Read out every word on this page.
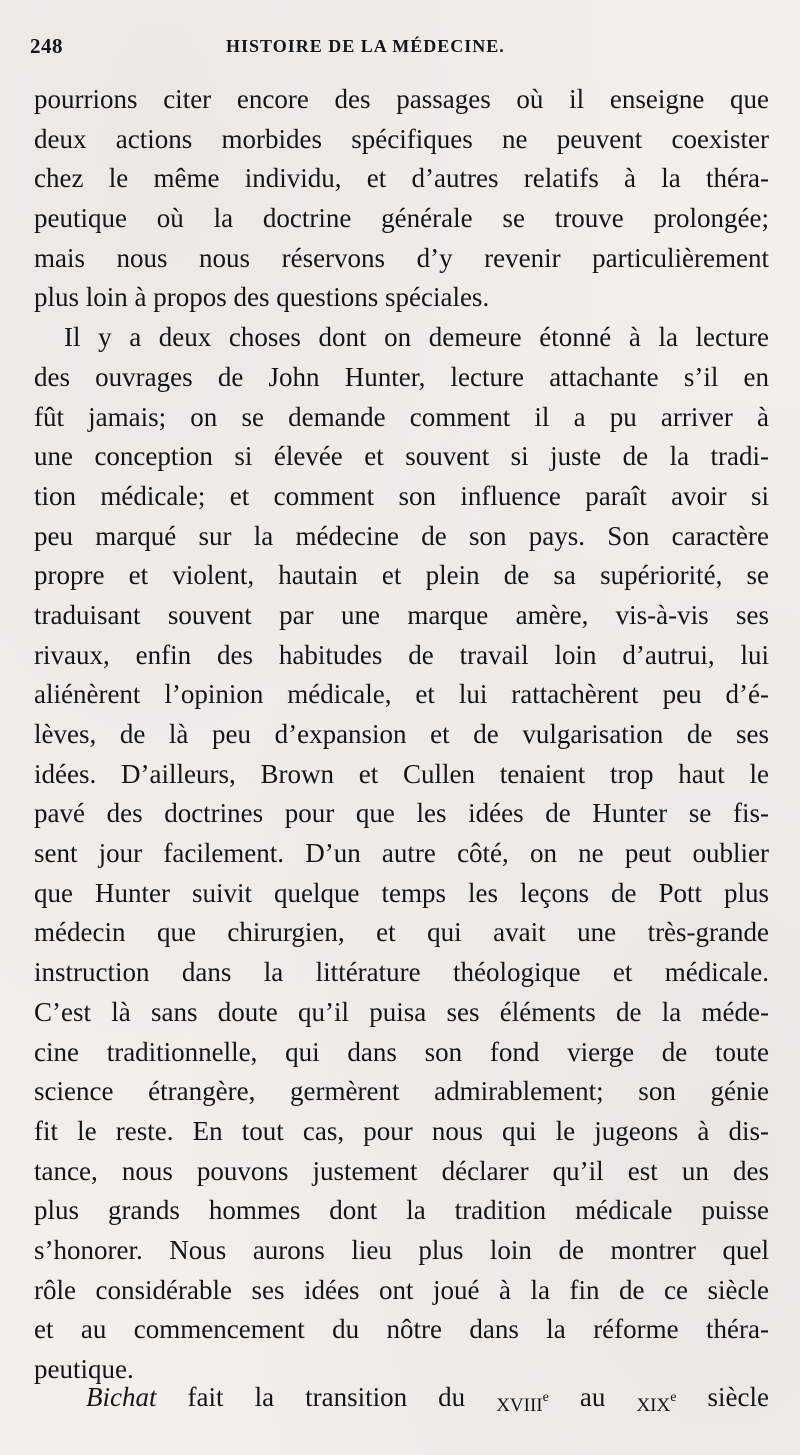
248	HISTOIRE DE LA MÉDECINE.
pourrions citer encore des passages où il enseigne que
deux actions morbides spécifiques ne peuvent coexister
chez le même individu, et d’autres relatifs à la théra-
peutique où la doctrine générale se trouve prolongée;
mais nous nous réservons d’y revenir particulièrement
plus loin à propos des questions spéciales.
Il y a deux choses dont on demeure étonné à la lecture
des ouvrages de John Hunter, lecture attachante s’il en
fût jamais; on se demande comment il a pu arriver à
une conception si élevée et souvent si juste de la tradi-
tion médicale; et comment son influence paraît avoir si
peu marqué sur la médecine de son pays. Son caractère
propre et violent, hautain et plein de sa supériorité, se
traduisant souvent par une marque amère, vis-à-vis ses
rivaux, enfin des habitudes de travail loin d’autrui, lui
aliénèrent l’opinion médicale, et lui rattachèrent peu d’é-
lèves, de là peu d’expansion et de vulgarisation de ses
idées. D’ailleurs, Brown et Cullen tenaient trop haut le
pavé des doctrines pour que les idées de Hunter se fis-
sent jour facilement. D’un autre côté, on ne peut oublier
que Hunter suivit quelque temps les leçons de Pott plus
médecin que chirurgien, et qui avait une très-grande
instruction dans la littérature théologique et médicale.
C’est là sans doute qu’il puisa ses éléments de la méde-
cine traditionnelle, qui dans son fond vierge de toute
science étrangère, germèrent admirablement; son génie
fit le reste. En tout cas, pour nous qui le jugeons à dis-
tance, nous pouvons justement déclarer qu’il est un des
plus grands hommes dont la tradition médicale puisse
s’honorer. Nous aurons lieu plus loin de montrer quel
rôle considérable ses idées ont joué à la fin de ce siècle
et au commencement du nôtre dans la réforme théra-
peutique.
Bichat fait la transition du xviii$^e$ au xix$^e$ siècle
